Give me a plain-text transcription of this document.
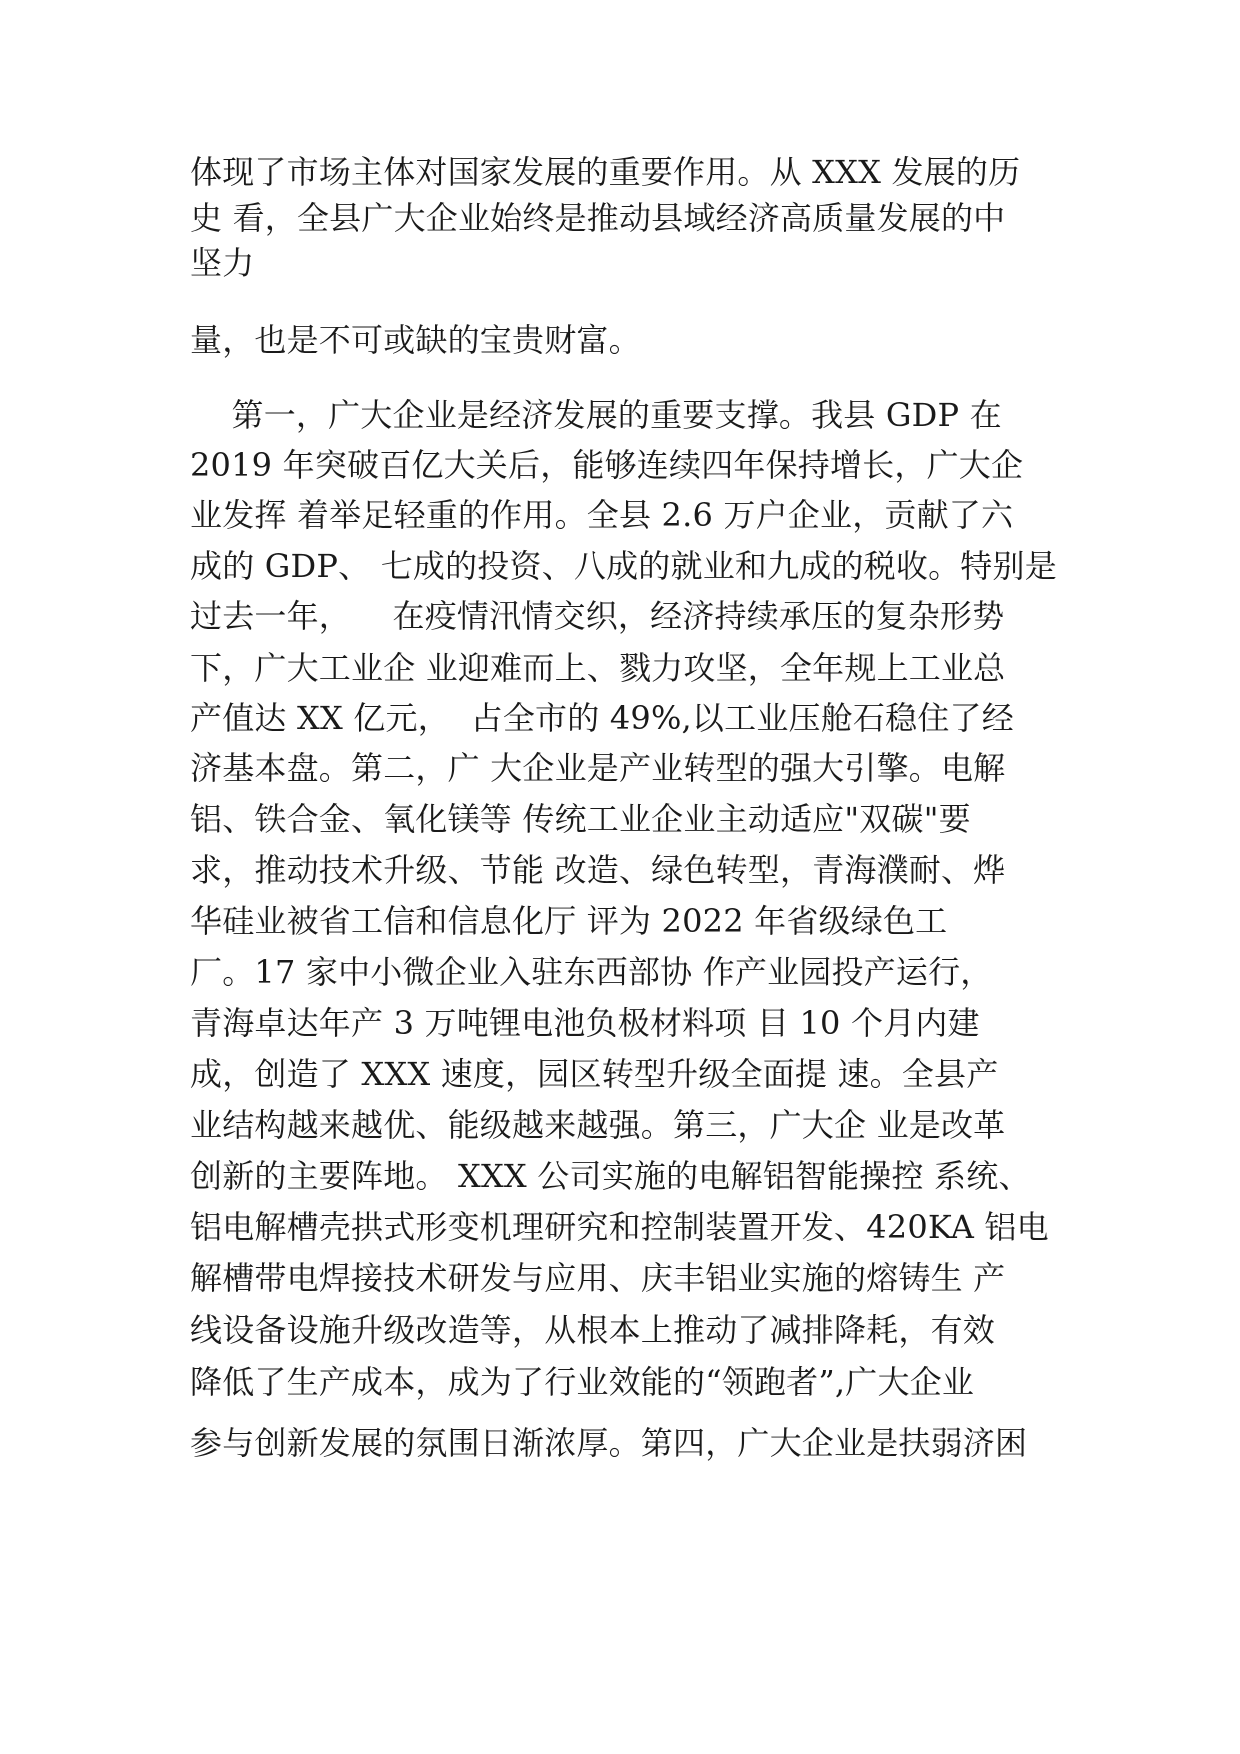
体现了市场主体对国家发展的重要作用。从 XXX 发展的历

史 看，全县广大企业始终是推动县域经济高质量发展的中

坚力

量，也是不可或缺的宝贵财富。

第一，广大企业是经济发展的重要支撑。我县 GDP 在

2019 年突破百亿大关后，能够连续四年保持增长，广大企

业发挥 着举足轻重的作用。全县 2.6 万户企业，贡献了六

成的 GDP、 七成的投资、八成的就业和九成的税收。特别是

过去一年，    在疫情汛情交织，经济持续承压的复杂形势

下，广大工业企 业迎难而上、戮力攻坚，全年规上工业总

产值达 XX 亿元，  占全市的 49%,以工业压舱石稳住了经

济基本盘。第二，广 大企业是产业转型的强大引擎。电解

铝、铁合金、氧化镁等 传统工业企业主动适应"双碳"要

求，推动技术升级、节能 改造、绿色转型，青海濮耐、烨

华硅业被省工信和信息化厅 评为 2022 年省级绿色工

厂。17 家中小微企业入驻东西部协 作产业园投产运行，

青海卓达年产 3 万吨锂电池负极材料项 目 10 个月内建

成，创造了 XXX 速度，园区转型升级全面提 速。全县产

业结构越来越优、能级越来越强。第三，广大企 业是改革

创新的主要阵地。 XXX 公司实施的电解铝智能操控 系统、

铝电解槽壳拱式形变机理研究和控制装置开发、420KA 铝电

解槽带电焊接技术研发与应用、庆丰铝业实施的熔铸生 产

线设备设施升级改造等，从根本上推动了减排降耗，有效

降低了生产成本，成为了行业效能的“领跑者”,广大企业

参与创新发展的氛围日渐浓厚。第四，广大企业是扶弱济困
